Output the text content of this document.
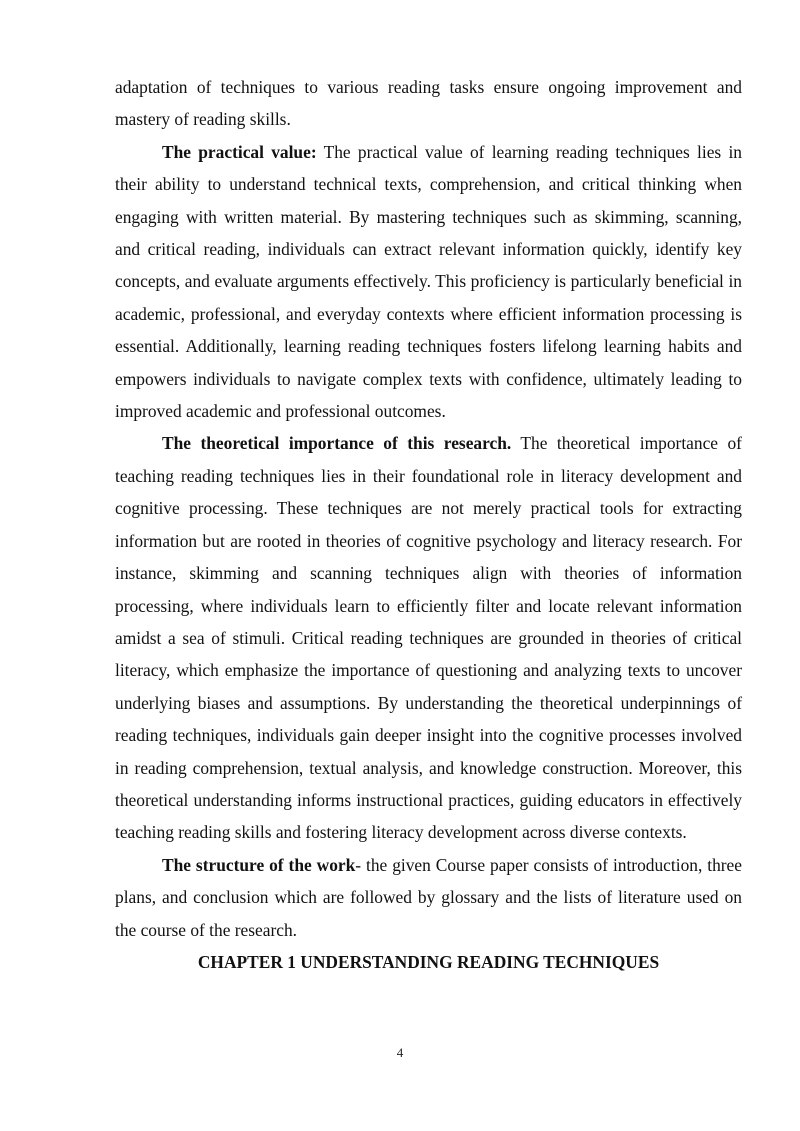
adaptation of techniques to various reading tasks ensure ongoing improvement and mastery of reading skills.

The practical value: The practical value of learning reading techniques lies in their ability to understand technical texts, comprehension, and critical thinking when engaging with written material. By mastering techniques such as skimming, scanning, and critical reading, individuals can extract relevant information quickly, identify key concepts, and evaluate arguments effectively. This proficiency is particularly beneficial in academic, professional, and everyday contexts where efficient information processing is essential. Additionally, learning reading techniques fosters lifelong learning habits and empowers individuals to navigate complex texts with confidence, ultimately leading to improved academic and professional outcomes.

The theoretical importance of this research. The theoretical importance of teaching reading techniques lies in their foundational role in literacy development and cognitive processing. These techniques are not merely practical tools for extracting information but are rooted in theories of cognitive psychology and literacy research. For instance, skimming and scanning techniques align with theories of information processing, where individuals learn to efficiently filter and locate relevant information amidst a sea of stimuli. Critical reading techniques are grounded in theories of critical literacy, which emphasize the importance of questioning and analyzing texts to uncover underlying biases and assumptions. By understanding the theoretical underpinnings of reading techniques, individuals gain deeper insight into the cognitive processes involved in reading comprehension, textual analysis, and knowledge construction. Moreover, this theoretical understanding informs instructional practices, guiding educators in effectively teaching reading skills and fostering literacy development across diverse contexts.

The structure of the work- the given Course paper consists of introduction, three plans, and conclusion which are followed by glossary and the lists of literature used on the course of the research.

CHAPTER 1 UNDERSTANDING READING TECHNIQUES

4
